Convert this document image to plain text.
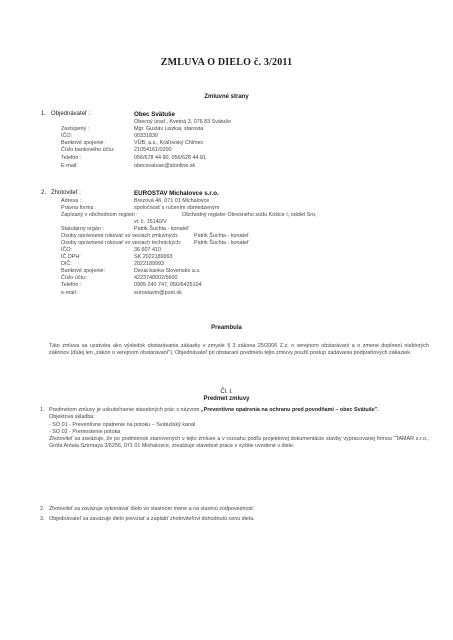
ZMLUVA O DIELO č. 3/2011
Zmluvné strany
1. Objednávateľ :	Obec Svätuše
Obecný úrad , Kvetná 3, 076 83 Svätuše
Zastúpený :	Mgr. Gustáv Liszkai, starosta
IČO:	00331830
Bankové spojenie :	VÚB, a.s., Kráľovský Chlmec
Číslo bankového účtu:	21054161/0200
Telefón :	056/678 44 90, 056/628 44 81
E-mail:	obecsvatuse@stonline.sk
2. Zhotoviteľ :	EUROSTAV Michalovce s.r.o.
Adresa :	Brezová 46, 071 01 Michalovce
Právna forma :	spoločnosť s ručením obmedzeným
Zapísaný v obchodnom registri :	Obchodný register Okresného súdu Košice I, oddiel Sro,
vl. č. 15140/V
Statutárny orgán :	Patrik Šuchta - konateľ
Osoby oprávnené rokovať vo veciach zmluvných:	Patrik Šuchta - konateľ
Osoby oprávnené rokovať vo veciach technických: Patrik Šuchta - konateľ
IČO:	36 607 410
IČ DPH:	SK 2022189993
DIČ:	2022189993
Bankové spojenie:	Dexia banka Slovensko a.s.
Číslo účtu:	4223748002/5600
Telefón :	0905 240 747, 056/6425104
e-mail:	eurostavm@post.sk
Preambula
Táto zmluva sa uzatvára ako výsledok obstarávania zákazky v zmysle § 3 zákona 25/2006 Z.z. o verejnom obstarávaní a o zmene doplnení niektorých zákonov (ďalej len „zákon o verejnom obstarávaní"). Objednávateľ pri obstaraní predmetu tejto zmluvy použil postup zadávania podprahových zákaziek.
Čl. I.
Predmet zmluvy
1. Predmetom zmluvy je uskutočnenie stavebných prác s názvom „Preventívne opatrenia na ochranu pred povodňami – obec Svätuše".
Objektová skladba:
- SO 01 - Preventívne opatrenie na potoku – Svätušský kanál
- SO 02 - Premostenie potoka
Zhotoviteľ sa zaväzuje, že po podmienok stanovených v tejto zmluve a v rozsahu podľa projektovej dokumentácie stavby vypracovanej firmou "TAMAR s.r.o., Grófa Antala Szirmaya 3/6256, 071 01 Michalovce, zrealizuje stavebné práce s vyššie uvedené v diele.
2. Zhotoviteľ sa zaväzuje vykonávať dielo vo vlastnom mene a na vlastnú zodpovednosť.
3. Objednávateľ sa zaväzuje dielo prevziať a zaplatiť zhotoviteľovi dohodnutú cenu diela.
